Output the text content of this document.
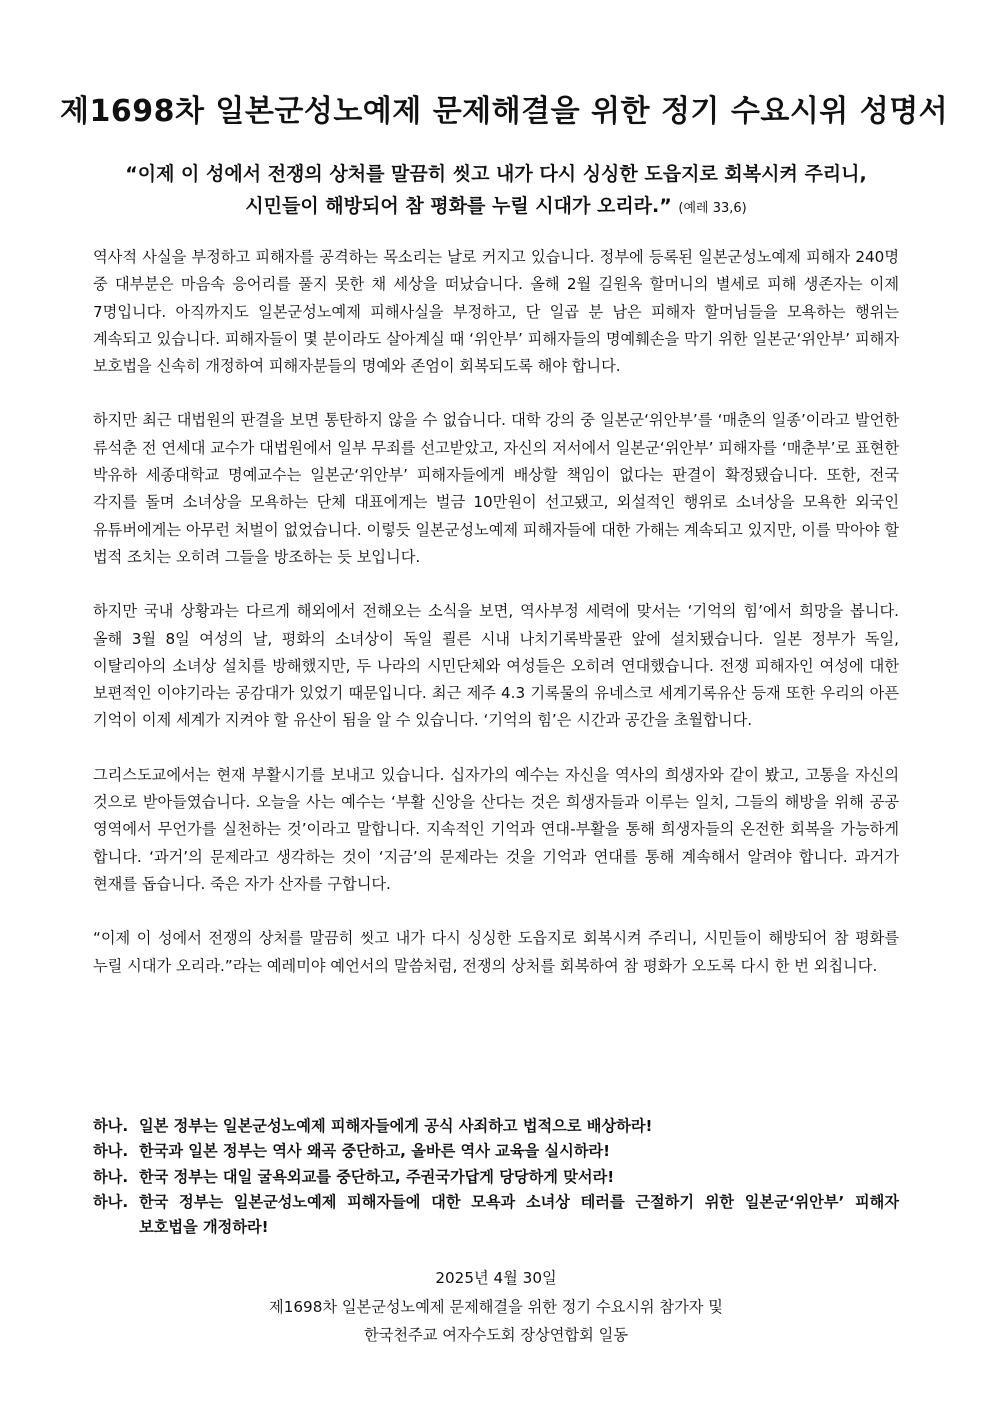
제1698차 일본군성노예제 문제해결을 위한 정기 수요시위 성명서
“이제 이 성에서 전쟁의 상처를 말끔히 씻고 내가 다시 싱싱한 도읍지로 회복시켜 주리니,
시민들이 해방되어 참 평화를 누릴 시대가 오리라.” (예레 33,6)

역사적 사실을 부정하고 피해자를 공격하는 목소리는 날로 커지고 있습니다. 정부에 등록된 일본군성노예제 피해자 240명 중 대부분은 마음속 응어리를 풀지 못한 채 세상을 떠났습니다. 올해 2월 길원옥 할머니의 별세로 피해 생존자는 이제 7명입니다. 아직까지도 일본군성노예제 피해사실을 부정하고, 단 일곱 분 남은 피해자 할머님들을 모욕하는 행위는 계속되고 있습니다. 피해자들이 몇 분이라도 살아계실 때 ‘위안부’ 피해자들의 명예훼손을 막기 위한 일본군‘위안부’ 피해자 보호법을 신속히 개정하여 피해자분들의 명예와 존엄이 회복되도록 해야 합니다.

하지만 최근 대법원의 판결을 보면 통탄하지 않을 수 없습니다. 대학 강의 중 일본군‘위안부’를 ‘매춘의 일종’이라고 발언한 류석춘 전 연세대 교수가 대법원에서 일부 무죄를 선고받았고, 자신의 저서에서 일본군‘위안부’ 피해자를 ‘매춘부’로 표현한 박유하 세종대학교 명예교수는 일본군‘위안부’ 피해자들에게 배상할 책임이 없다는 판결이 확정됐습니다. 또한, 전국 각지를 돌며 소녀상을 모욕하는 단체 대표에게는 벌금 10만원이 선고됐고, 외설적인 행위로 소녀상을 모욕한 외국인 유튜버에게는 아무런 처벌이 없었습니다. 이렇듯 일본군성노예제 피해자들에 대한 가해는 계속되고 있지만, 이를 막아야 할 법적 조치는 오히려 그들을 방조하는 듯 보입니다.

하지만 국내 상황과는 다르게 해외에서 전해오는 소식을 보면, 역사부정 세력에 맞서는 ‘기억의 힘’에서 희망을 봅니다. 올해 3월 8일 여성의 날, 평화의 소녀상이 독일 쾰른 시내 나치기록박물관 앞에 설치됐습니다. 일본 정부가 독일, 이탈리아의 소녀상 설치를 방해했지만, 두 나라의 시민단체와 여성들은 오히려 연대했습니다. 전쟁 피해자인 여성에 대한 보편적인 이야기라는 공감대가 있었기 때문입니다. 최근 제주 4.3 기록물의 유네스코 세계기록유산 등재 또한 우리의 아픈 기억이 이제 세계가 지켜야 할 유산이 됨을 알 수 있습니다. ‘기억의 힘’은 시간과 공간을 초월합니다.

그리스도교에서는 현재 부활시기를 보내고 있습니다. 십자가의 예수는 자신을 역사의 희생자와 같이 봤고, 고통을 자신의 것으로 받아들였습니다. 오늘을 사는 예수는 ‘부활 신앙을 산다는 것은 희생자들과 이루는 일치, 그들의 해방을 위해 공공 영역에서 무언가를 실천하는 것’이라고 말합니다. 지속적인 기억과 연대-부활을 통해 희생자들의 온전한 회복을 가능하게 합니다. ‘과거’의 문제라고 생각하는 것이 ‘지금’의 문제라는 것을 기억과 연대를 통해 계속해서 알려야 합니다. 과거가 현재를 돕습니다. 죽은 자가 산자를 구합니다.

“이제 이 성에서 전쟁의 상처를 말끔히 씻고 내가 다시 싱싱한 도읍지로 회복시켜 주리니, 시민들이 해방되어 참 평화를 누릴 시대가 오리라.”라는 예레미야 예언서의 말씀처럼, 전쟁의 상처를 회복하여 참 평화가 오도록 다시 한 번 외칩니다.

하나. 일본 정부는 일본군성노예제 피해자들에게 공식 사죄하고 법적으로 배상하라!
하나. 한국과 일본 정부는 역사 왜곡 중단하고, 올바른 역사 교육을 실시하라!
하나. 한국 정부는 대일 굴욕외교를 중단하고, 주권국가답게 당당하게 맞서라!
하나. 한국 정부는 일본군성노예제 피해자들에 대한 모욕과 소녀상 테러를 근절하기 위한 일본군‘위안부’ 피해자 보호법을 개정하라!
2025년 4월 30일
제1698차 일본군성노예제 문제해결을 위한 정기 수요시위 참가자 및
한국천주교 여자수도회 장상연합회 일동
